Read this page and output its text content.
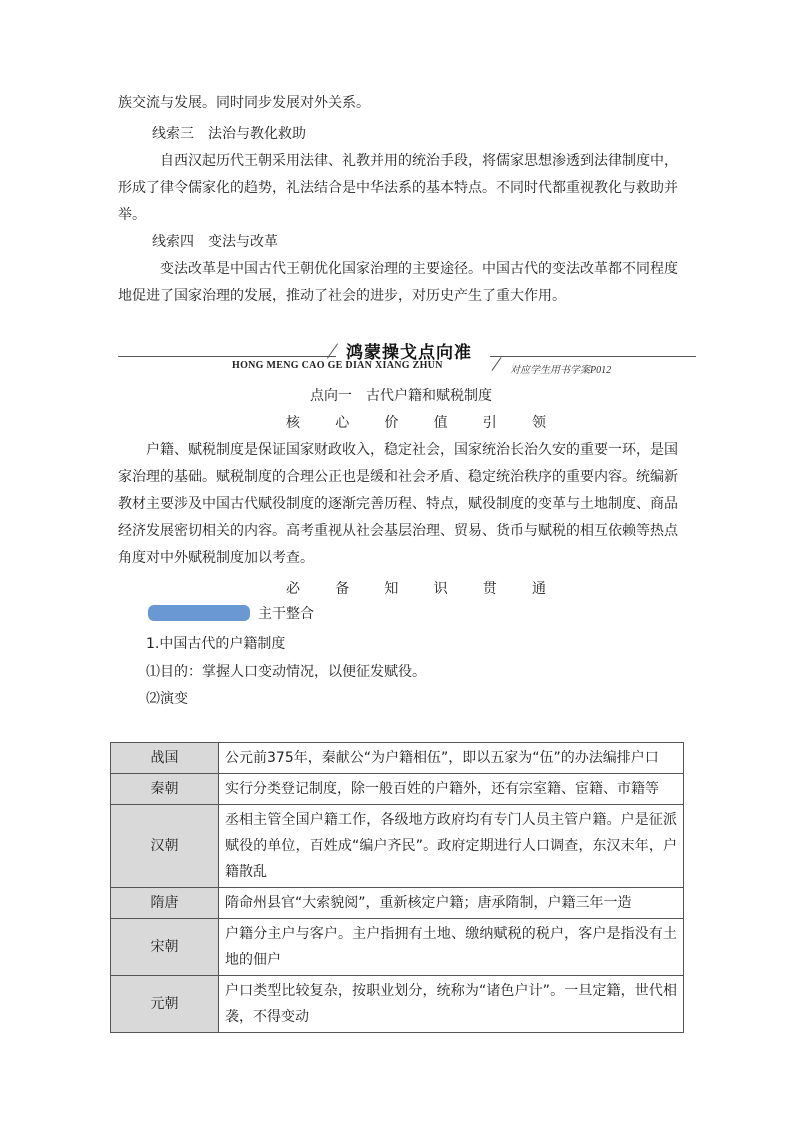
族交流与发展。同时同步发展对外关系。

线索三　法治与教化救助

自西汉起历代王朝采用法律、礼教并用的统治手段，将儒家思想渗透到法律制度中，形成了律令儒家化的趋势，礼法结合是中华法系的基本特点。不同时代都重视教化与救助并举。

线索四　变法与改革

变法改革是中国古代王朝优化国家治理的主要途径。中国古代的变法改革都不同程度地促进了国家治理的发展，推动了社会的进步，对历史产生了重大作用。

鸿蒙操戈点向准
HONG MENG CAO GE DIAN XIANG ZHUN	对应学生用书学案P012

点向一　古代户籍和赋税制度

核	心	价	值	引	领

户籍、赋税制度是保证国家财政收入，稳定社会，国家统治长治久安的重要一环，是国家治理的基础。赋税制度的合理公正也是缓和社会矛盾、稳定统治秩序的重要内容。统编新教材主要涉及中国古代赋役制度的逐渐完善历程、特点，赋役制度的变革与土地制度、商品经济发展密切相关的内容。高考重视从社会基层治理、贸易、货币与赋税的相互依赖等热点角度对中外赋税制度加以考查。

必	备	知	识	贯	通
主干整合

1.中国古代的户籍制度

⑴目的：掌握人口变动情况，以便征发赋役。

⑵演变

战国	公元前375年，秦献公“为户籍相伍”，即以五家为“伍”的办法编排户口
秦朝	实行分类登记制度，除一般百姓的户籍外，还有宗室籍、宦籍、市籍等
汉朝	丞相主管全国户籍工作，各级地方政府均有专门人员主管户籍。户是征派赋役的单位，百姓成“编户齐民”。政府定期进行人口调查，东汉末年，户籍散乱
隋唐	隋命州县官“大索貌阅”，重新核定户籍；唐承隋制，户籍三年一造
宋朝	户籍分主户与客户。主户指拥有土地、缴纳赋税的税户，客户是指没有土地的佃户
元朝	户口类型比较复杂，按职业划分，统称为“诸色户计”。一旦定籍，世代相袭，不得变动
